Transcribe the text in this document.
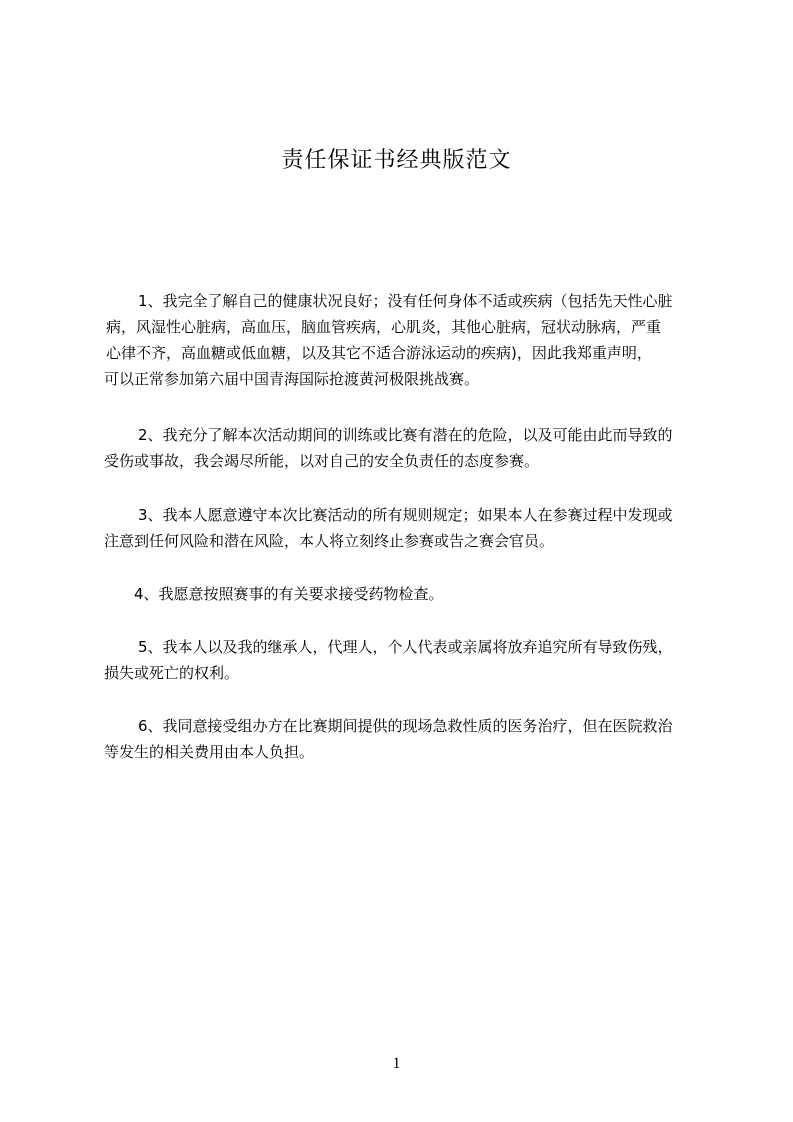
责任保证书经典版范文
1、我完全了解自己的健康状况良好；没有任何身体不适或疾病（包括先天性心脏
病，风湿性心脏病，高血压，脑血管疾病，心肌炎，其他心脏病，冠状动脉病，严重
心律不齐，高血糖或低血糖，以及其它不适合游泳运动的疾病)，因此我郑重声明，
可以正常参加第六届中国青海国际抢渡黄河极限挑战赛。
2、我充分了解本次活动期间的训练或比赛有潜在的危险，以及可能由此而导致的
受伤或事故，我会竭尽所能，以对自己的安全负责任的态度参赛。
3、我本人愿意遵守本次比赛活动的所有规则规定；如果本人在参赛过程中发现或
注意到任何风险和潜在风险，本人将立刻终止参赛或告之赛会官员。
4、我愿意按照赛事的有关要求接受药物检查。
5、我本人以及我的继承人，代理人，个人代表或亲属将放弃追究所有导致伤残，
损失或死亡的权利。
6、我同意接受组办方在比赛期间提供的现场急救性质的医务治疗，但在医院救治
等发生的相关费用由本人负担。
1
